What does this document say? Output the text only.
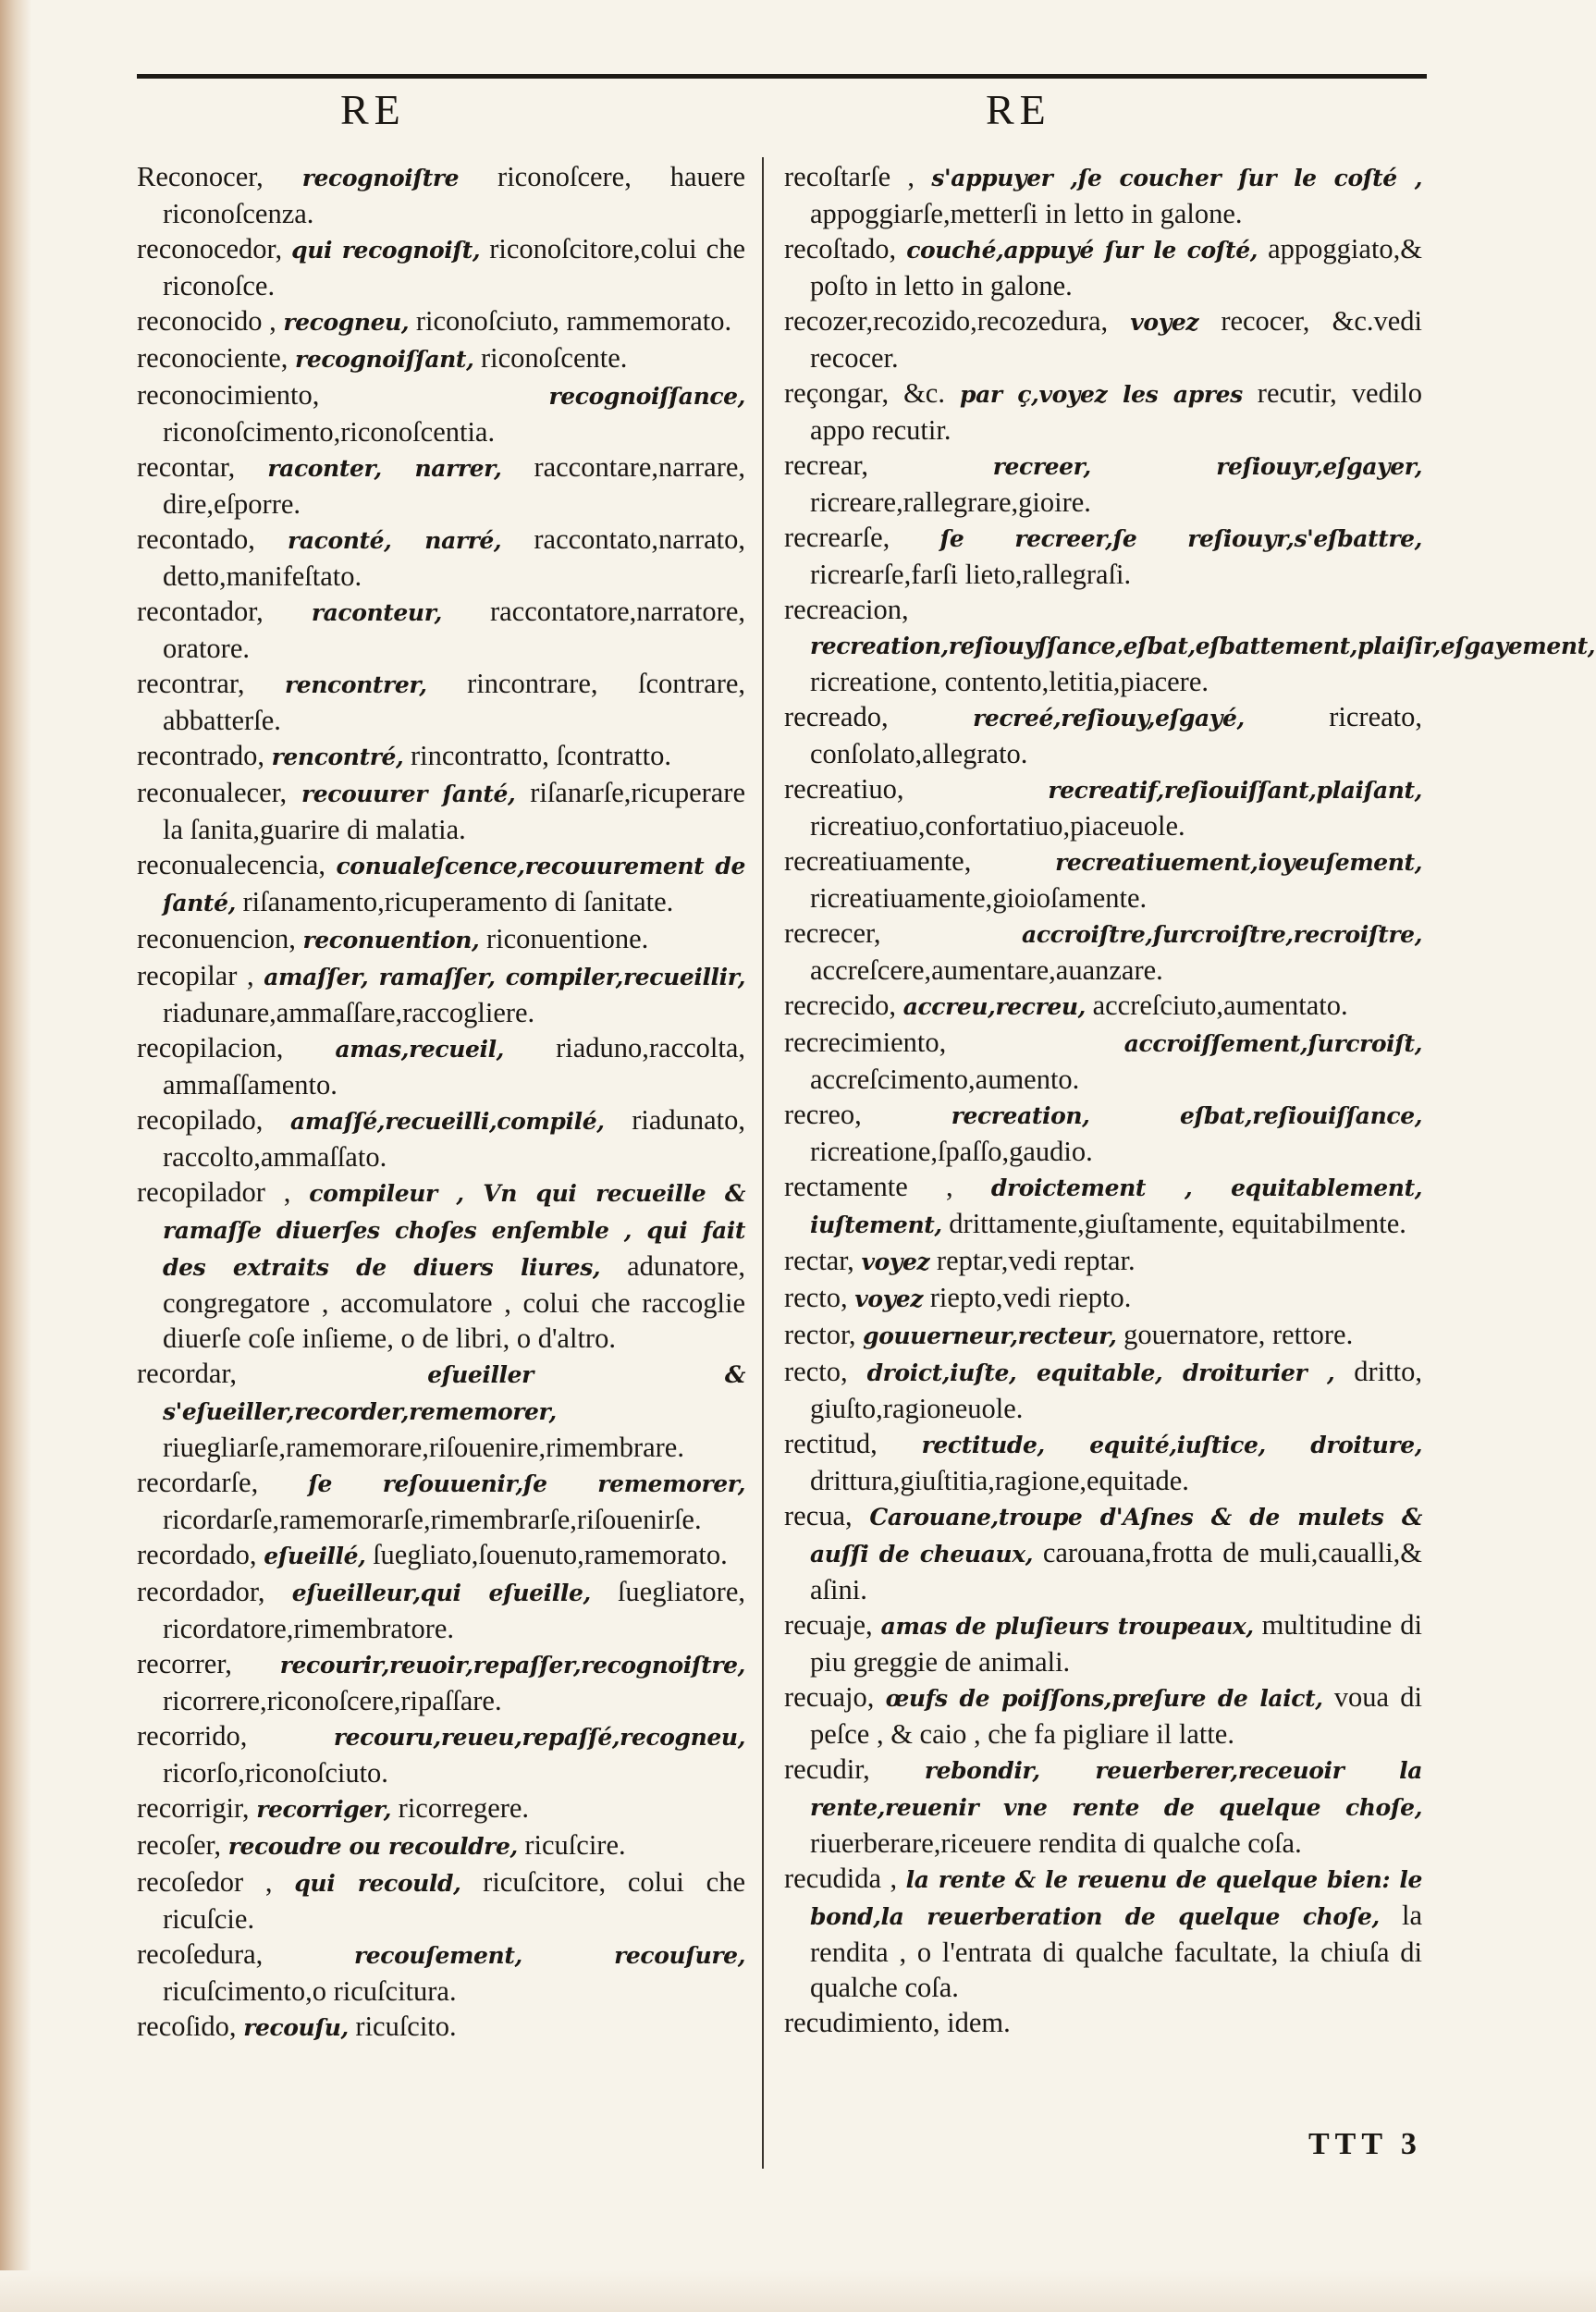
RE	RE
Reconocer, recognoiſtre riconoſcere, hauere riconoſcenza.
reconocedor, qui recognoiſt, riconoſcitore,colui che riconoſce.
reconocido , recogneu, riconoſciuto, rammemorato.
reconociente, recognoiſſant, riconoſcente.
reconocimiento,	recognoiſſance, riconoſcimento,riconoſcentia.
recontar, raconter, narrer, raccontare,narrare, dire,eſporre.
recontado, raconté, narré, raccontato,narrato, detto,manifeſtato.
recontador, raconteur, raccontatore,narratore, oratore.
recontrar, rencontrer, rincontrare, ſcontrare, abbatterſe.
recontrado, rencontré, rincontratto, ſcontratto.
reconualecer, recouurer ſanté, riſanarſe,ricuperare la ſanita,guarire di malatia.
reconualecencia, conualeſcence,recouurement de ſanté, riſanamento,ricuperamento di ſanitate.
reconuencion, reconuention, riconuentione.
recopilar , amaſſer, ramaſſer, compiler,recueillir, riadunare,ammaſſare,raccogliere.
recopilacion, amas,recueil, riaduno,raccolta, ammaſſamento.
recopilado, amaſſé,recueilli,compilé, riadunato, raccolto,ammaſſato.
recopilador , compileur , Vn qui recueille & ramaſſe diuerſes choſes enſemble , qui fait des extraits de diuers liures, adunatore, congregatore , accomulatore , colui che raccoglie diuerſe coſe inſieme, o de libri, o d'altro.
recordar,	eſueiller & s'eſueiller,recorder,rememorer, riuegliarſe,ramemorare,riſouenire,rimembrare.
recordarſe, ſe reſouuenir,ſe rememorer, ricordarſe,ramemorarſe,rimembrarſe,riſouenirſe.
recordado, eſueillé, ſuegliato,ſouenuto,ramemorato.
recordador, eſueilleur,qui eſueille, ſuegliatore, ricordatore,rimembratore.
recorrer, recourir,reuoir,repaſſer,recognoiſtre, ricorrere,riconoſcere,ripaſſare.
recorrido,	recouru,reueu,repaſſé,recogneu, ricorſo,riconoſciuto.
recorrigir, recorriger, ricorregere.
recoſer, recoudre ou recouldre, ricuſcire.
recoſedor , qui recould, ricuſcitore, colui che ricuſcie.
recoſedura,	recouſement, recouſure, ricuſcimento,o ricuſcitura.
recoſido, recouſu, ricuſcito.
recoſtarſe , s'appuyer ,ſe coucher ſur le coſté , appoggiarſe,metterſi in letto in galone.
recoſtado, couché,appuyé ſur le coſté, appoggiato,& poſto in letto in galone.
recozer,recozido,recozedura, voyez recocer, &c.vedi recocer.
reçongar, &c. par ç,voyez les apres recutir, vedilo appo recutir.
recrear,	recreer, reſiouyr,eſgayer, ricreare,rallegrare,gioire.
recrearſe, ſe recreer,ſe reſiouyr,s'eſbattre, ricrearſe,farſi lieto,rallegraſi.
recreacion, recreation,reſiouyſſance,eſbat,eſbattement,plaiſir,eſgayement, ricreatione, contento,letitia,piacere.
recreado,	recreé,reſiouy,eſgayé,	ricreato, conſolato,allegrato.
recreatiuo,	recreatif,reſiouiſſant,plaiſant, ricreatiuo,confortatiuo,piaceuole.
recreatiuamente,	recreatiuement,ioyeuſement, ricreatiuamente,gioioſamente.
recrecer,	accroiſtre,ſurcroiſtre,recroiſtre, accreſcere,aumentare,auanzare.
recrecido, accreu,recreu, accreſciuto,aumentato.
recrecimiento,	accroiſſement,ſurcroiſt, accreſcimento,aumento.
recreo,	recreation, eſbat,reſiouiſſance, ricreatione,ſpaſſo,gaudio.
rectamente , droictement , equitablement, iuſtement, drittamente,giuſtamente, equitabilmente.
rectar, voyez reptar,vedi reptar.
recto, voyez riepto,vedi riepto.
rector, gouuerneur,recteur, gouernatore, rettore.
recto, droict,iuſte, equitable, droiturier , dritto, giuſto,ragioneuole.
rectitud, rectitude, equité,iuſtice, droiture, drittura,giuſtitia,ragione,equitade.
recua, Carouane,troupe d'Aſnes & de mulets & auſſi de cheuaux, carouana,frotta de muli,caualli,& aſini.
recuaje, amas de pluſieurs troupeaux, multitudine di piu greggie de animali.
recuajo, œufs de poiſſons,preſure de laict, voua di peſce , & caio , che fa pigliare il latte.
recudir, rebondir, reuerberer,receuoir la rente,reuenir vne rente de quelque choſe, riuerberare,riceuere rendita di qualche coſa.
recudida , la rente & le reuenu de quelque bien: le bond,la reuerberation de quelque choſe, la rendita , o l'entrata di qualche facultate, la chiuſa di qualche coſa.
recudimiento, idem.
TTT 3
